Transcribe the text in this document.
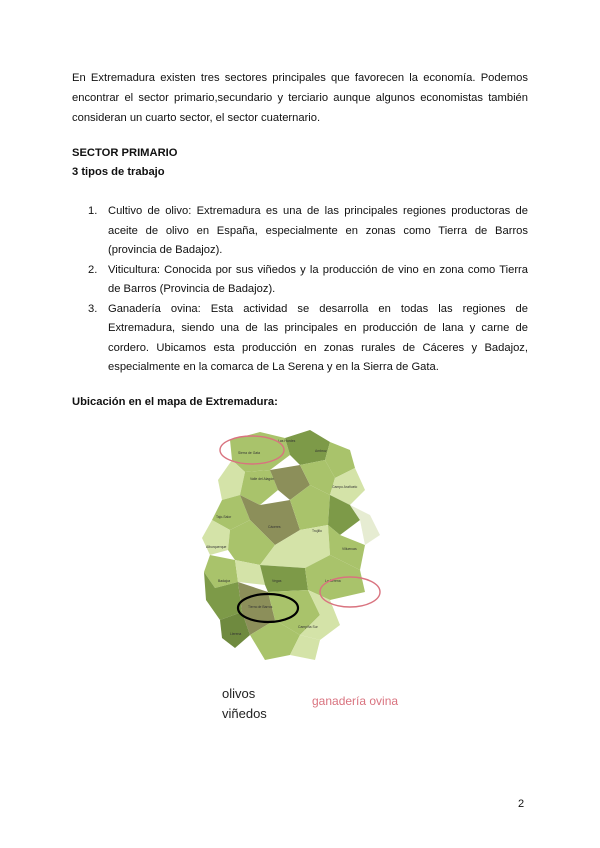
En Extremadura existen tres sectores principales que favorecen la economía. Podemos encontrar el sector primario,secundario y terciario aunque algunos economistas también consideran un cuarto sector, el sector cuaternario.

SECTOR PRIMARIO

3 tipos de trabajo

1. Cultivo de olivo: Extremadura es una de las principales regiones productoras de aceite de olivo en España, especialmente en zonas como Tierra de Barros (provincia de Badajoz).
2. Viticultura: Conocida por sus viñedos y la producción de vino en zona como Tierra de Barros (Provincia de Badajoz).
3. Ganadería ovina: Esta actividad se desarrolla en todas las regiones de Extremadura, siendo una de las principales en producción de lana y carne de cordero. Ubicamos esta producción en zonas rurales de Cáceres y Badajoz, especialmente en la comarca de La Serena y en la Sierra de Gata.

Ubicación en el mapa de Extremadura:

Las Hurdes
Sierra de Gata	Ambroz
Valle del Alagón
Campo Arañuelo
Tajo-Salor
Cáceres
Trujillo
Alburquerque	Villuercas
Badajoz	Vegas	La Serena
Tierra de Barros
Campiña Sur
Llerena

olivos
viñedos

ganadería ovina

2
